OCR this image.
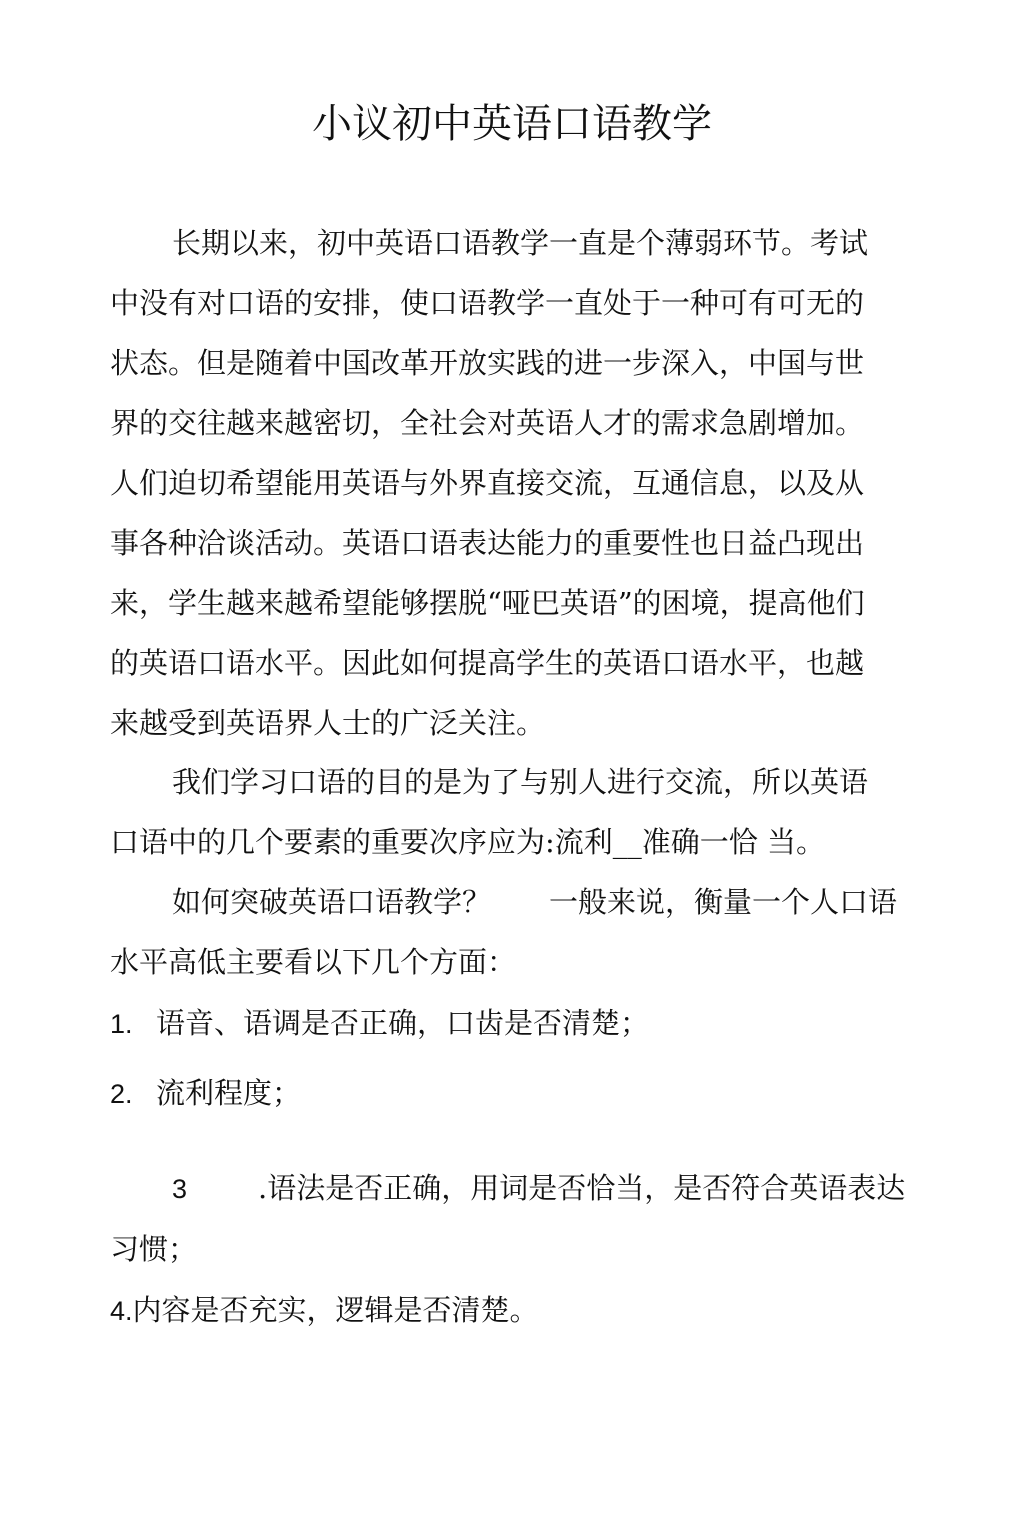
小议初中英语口语教学

长期以来，初中英语口语教学一直是个薄弱环节。考试中没有对口语的安排，使口语教学一直处于一种可有可无的状态。但是随着中国改革开放实践的进一步深入，中国与世界的交往越来越密切，全社会对英语人才的需求急剧增加。人们迫切希望能用英语与外界直接交流，互通信息，以及从事各种洽谈活动。英语口语表达能力的重要性也日益凸现出来，学生越来越希望能够摆脱“哑巴英语”的困境，提高他们的英语口语水平。因此如何提高学生的英语口语水平，也越来越受到英语界人士的广泛关注。

我们学习口语的目的是为了与别人进行交流，所以英语口语中的几个要素的重要次序应为:流利__准确一恰 当。

如何突破英语口语教学？　　一般来说，衡量一个人口语水平高低主要看以下几个方面：

1. 语音、语调是否正确，口齿是否清楚；

2. 流利程度；

3 .语法是否正确，用词是否恰当，是否符合英语表达习惯；

4.内容是否充实，逻辑是否清楚。
